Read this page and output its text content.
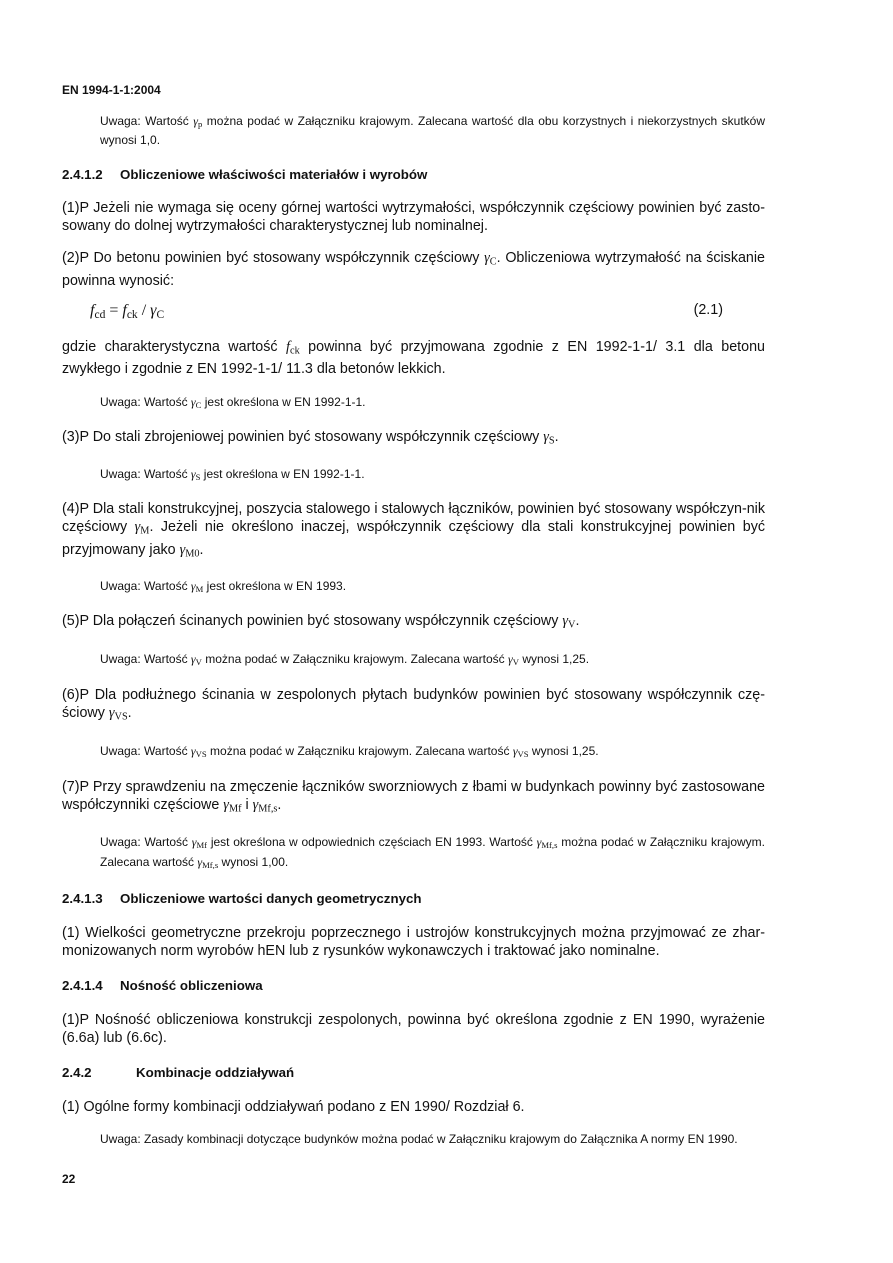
EN 1994-1-1:2004
Uwaga: Wartość $\gamma_p$ można podać w Załączniku krajowym. Zalecana wartość dla obu korzystnych i niekorzystnych skutków wynosi 1,0.
2.4.1.2 Obliczeniowe właściwości materiałów i wyrobów
(1)P Jeżeli nie wymaga się oceny górnej wartości wytrzymałości, współczynnik częściowy powinien być zasto-sowany do dolnej wytrzymałości charakterystycznej lub nominalnej.
(2)P Do betonu powinien być stosowany współczynnik częściowy $\gamma_C$. Obliczeniowa wytrzymałość na ściskanie powinna wynosić:
$f_{cd} = f_{ck} / \gamma_C$	(2.1)
gdzie charakterystyczna wartość $f_{ck}$ powinna być przyjmowana zgodnie z EN 1992-1-1/ 3.1 dla betonu zwykłego i zgodnie z EN 1992-1-1/ 11.3 dla betonów lekkich.
Uwaga: Wartość $\gamma_C$ jest określona w EN 1992-1-1.
(3)P Do stali zbrojeniowej powinien być stosowany współczynnik częściowy $\gamma_S$.
Uwaga: Wartość $\gamma_S$ jest określona w EN 1992-1-1.
(4)P Dla stali konstrukcyjnej, poszycia stalowego i stalowych łączników, powinien być stosowany współczyn-nik częściowy $\gamma_M$. Jeżeli nie określono inaczej, współczynnik częściowy dla stali konstrukcyjnej powinien być przyjmowany jako $\gamma_{M0}$.
Uwaga: Wartość $\gamma_M$ jest określona w EN 1993.
(5)P Dla połączeń ścinanych powinien być stosowany współczynnik częściowy $\gamma_V$.
Uwaga: Wartość $\gamma_V$ można podać w Załączniku krajowym. Zalecana wartość $\gamma_V$ wynosi 1,25.
(6)P Dla podłużnego ścinania w zespolonych płytach budynków powinien być stosowany współczynnik czę-ściowy $\gamma_{VS}$.
Uwaga: Wartość $\gamma_{VS}$ można podać w Załączniku krajowym. Zalecana wartość $\gamma_{VS}$ wynosi 1,25.
(7)P Przy sprawdzeniu na zmęczenie łączników sworzniowych z łbami w budynkach powinny być zastosowane współczynniki częściowe $\gamma_{Mf}$ i $\gamma_{Mf,s}$.
Uwaga: Wartość $\gamma_{Mf}$ jest określona w odpowiednich częściach EN 1993. Wartość $\gamma_{Mf,s}$ można podać w Załączniku krajowym. Zalecana wartość $\gamma_{Mf,s}$ wynosi 1,00.
2.4.1.3 Obliczeniowe wartości danych geometrycznych
(1) Wielkości geometryczne przekroju poprzecznego i ustrojów konstrukcyjnych można przyjmować ze zhar-monizowanych norm wyrobów hEN lub z rysunków wykonawczych i traktować jako nominalne.
2.4.1.4 Nośność obliczeniowa
(1)P Nośność obliczeniowa konstrukcji zespolonych, powinna być określona zgodnie z EN 1990, wyrażenie (6.6a) lub (6.6c).
2.4.2	Kombinacje oddziaływań
(1) Ogólne formy kombinacji oddziaływań podano z EN 1990/ Rozdział 6.
Uwaga: Zasady kombinacji dotyczące budynków można podać w Załączniku krajowym do Załącznika A normy EN 1990.
22
